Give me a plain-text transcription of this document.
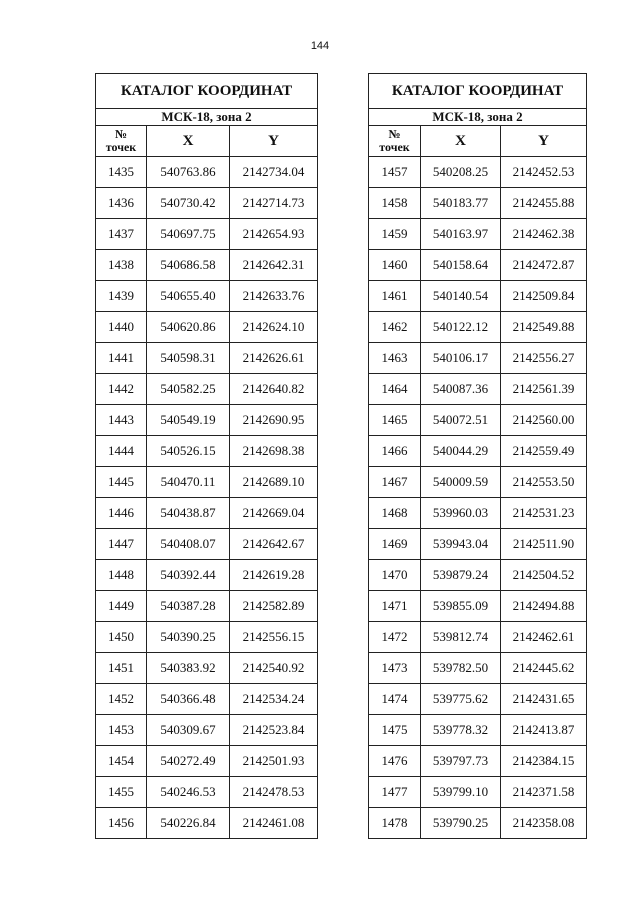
144
КАТАЛОГ КООРДИНАТ		
МСК-18, зона 2		

№
точек	X	Y
1435	540763.86	2142734.04
1436	540730.42	2142714.73
1437	540697.75	2142654.93
1438	540686.58	2142642.31
1439	540655.40	2142633.76
1440	540620.86	2142624.10
1441	540598.31	2142626.61
1442	540582.25	2142640.82
1443	540549.19	2142690.95
1444	540526.15	2142698.38
1445	540470.11	2142689.10
1446	540438.87	2142669.04
1447	540408.07	2142642.67
1448	540392.44	2142619.28
1449	540387.28	2142582.89
1450	540390.25	2142556.15
1451	540383.92	2142540.92
1452	540366.48	2142534.24
1453	540309.67	2142523.84
1454	540272.49	2142501.93
1455	540246.53	2142478.53
1456	540226.84	2142461.08
КАТАЛОГ КООРДИНАТ		
МСК-18, зона 2		

№
точек	X	Y
1457	540208.25	2142452.53
1458	540183.77	2142455.88
1459	540163.97	2142462.38
1460	540158.64	2142472.87
1461	540140.54	2142509.84
1462	540122.12	2142549.88
1463	540106.17	2142556.27
1464	540087.36	2142561.39
1465	540072.51	2142560.00
1466	540044.29	2142559.49
1467	540009.59	2142553.50
1468	539960.03	2142531.23
1469	539943.04	2142511.90
1470	539879.24	2142504.52
1471	539855.09	2142494.88
1472	539812.74	2142462.61
1473	539782.50	2142445.62
1474	539775.62	2142431.65
1475	539778.32	2142413.87
1476	539797.73	2142384.15
1477	539799.10	2142371.58
1478	539790.25	2142358.08
